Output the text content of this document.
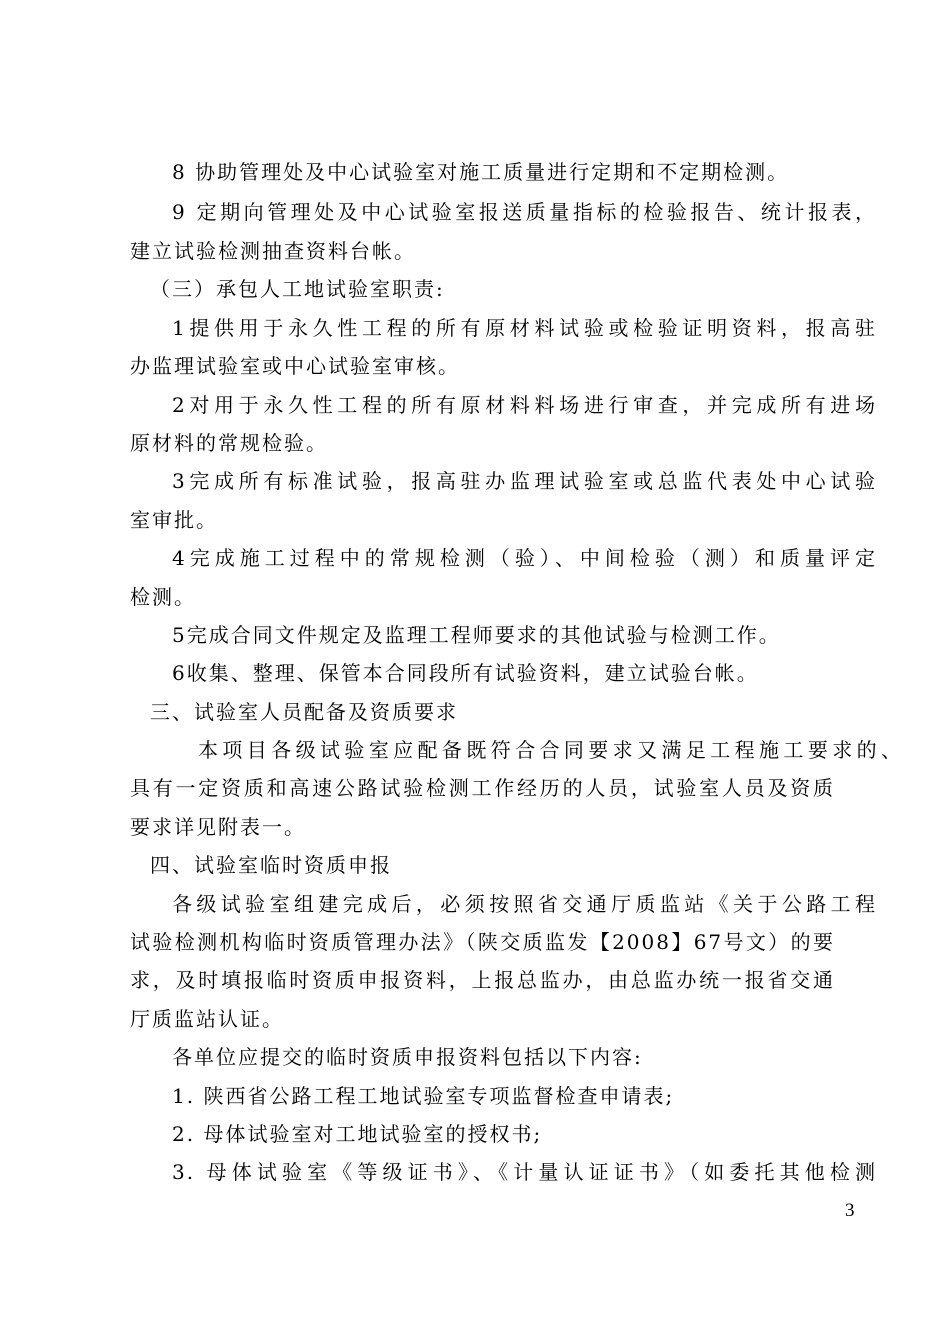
8 协助管理处及中心试验室对施工质量进行定期和不定期检测。
9 定期向管理处及中心试验室报送质量指标的检验报告、统计报表，
建立试验检测抽查资料台帐。
（三）承包人工地试验室职责:
1提供用于永久性工程的所有原材料试验或检验证明资料，报高驻
办监理试验室或中心试验室审核。
2对用于永久性工程的所有原材料料场进行审查，并完成所有进场
原材料的常规检验。
3完成所有标准试验，报高驻办监理试验室或总监代表处中心试验
室审批。
4完成施工过程中的常规检测（验）、中间检验（测）和质量评定
检测。
5完成合同文件规定及监理工程师要求的其他试验与检测工作。
6收集、整理、保管本合同段所有试验资料，建立试验台帐。
三、试验室人员配备及资质要求
本项目各级试验室应配备既符合合同要求又满足工程施工要求的、
具有一定资质和高速公路试验检测工作经历的人员，试验室人员及资质
要求详见附表一。
四、试验室临时资质申报
各级试验室组建完成后，必须按照省交通厅质监站《关于公路工程
试验检测机构临时资质管理办法》（陕交质监发【2008】67号文）的要
求，及时填报临时资质申报资料，上报总监办，由总监办统一报省交通
厅质监站认证。
各单位应提交的临时资质申报资料包括以下内容:
1. 陕西省公路工程工地试验室专项监督检查申请表;
2. 母体试验室对工地试验室的授权书;
3. 母体试验室《等级证书》、《计量认证证书》（如委托其他检测
3
